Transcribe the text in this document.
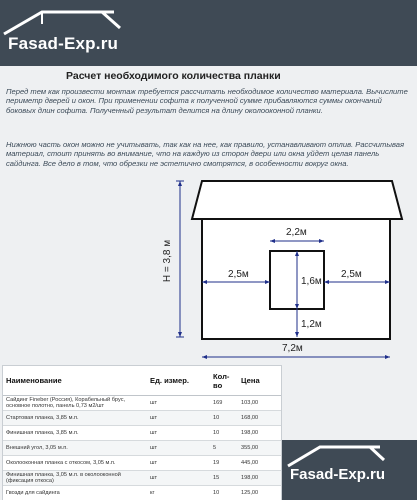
Fasad-Exp.ru
Расчет необходимого количества планки

Перед тем как произвести монтаж требуется рассчитать необходимое количество материала. Вычислите периметр дверей и окон. При применении софита к полученной сумме прибавляются суммы окончаний боковых длин софита. Полученный результат делится на длину околооконной планки.

Нижнюю часть окон можно не учитывать, так как на нее, как правило, устанавливают отлив. Рассчитывая материал, стоит принять во внимание, что на каждую из сторон двери или окна уйдет целая панель сайдинга. Все дело в том, что обрезки не эстетично смотрятся, в особенности вокруг окна.

2,2м
2,5м	2,5м
1,6м
1,2м
7,2м
H = 3,8 м
Наименование	Ед. измер.	Кол-во	Цена
Сайдинг Fineber (Россия), Корабельный брус, основное полотно, панель 0,73 м2/шт	шт	169	103,00
Стартовая планка, 3,85 м.п.	шт	10	168,00
Финишная планка, 3,85 м.п.	шт	10	198,00
Внешний угол, 3,05 м.п.	шт	5	355,00
Околооконная планка с откосом, 3,05 м.п.	шт	19	445,00
Финишная планка, 3,05 м.п. в околооконной (фиксация откоса)	шт	15	198,00
Гвозди для сайдинга	кг	10	125,00
Fasad-Exp.ru
